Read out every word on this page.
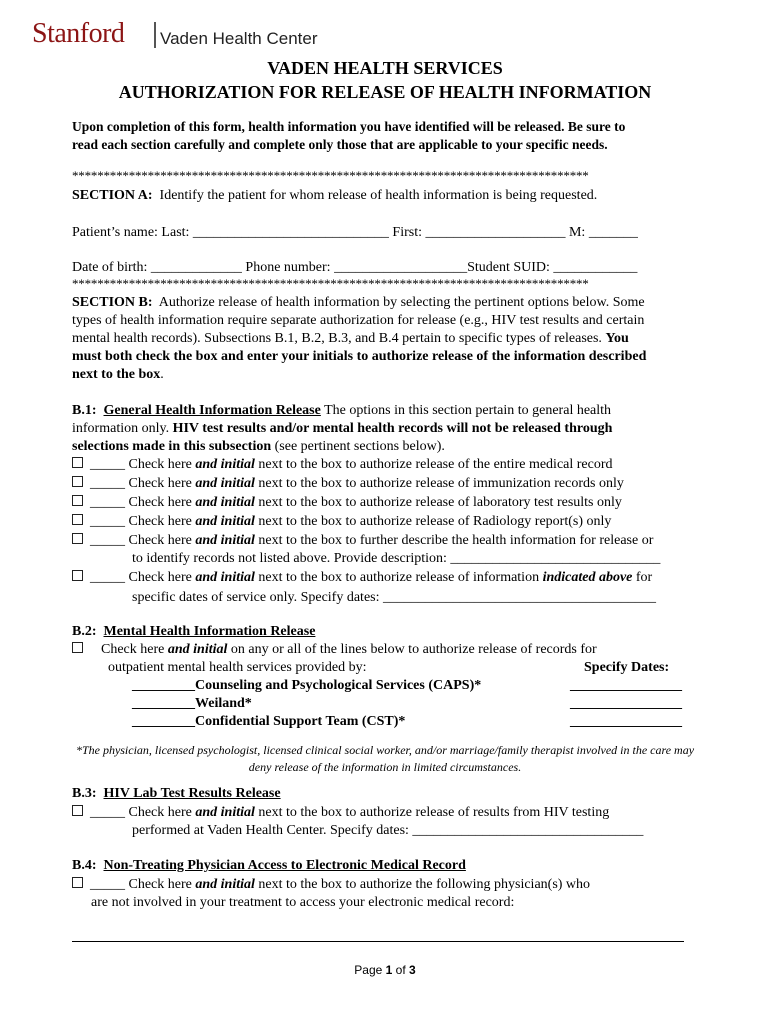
Stanford Vaden Health Center
VADEN HEALTH SERVICES
AUTHORIZATION FOR RELEASE OF HEALTH INFORMATION
Upon completion of this form, health information you have identified will be released. Be sure to
read each section carefully and complete only those that are applicable to your specific needs.
**********************************************************************************
SECTION A: Identify the patient for whom release of health information is being requested.
Patient’s name: Last: ____________________________ First: ____________________ M: _______
Date of birth: _____________ Phone number: ___________________Student SUID: ____________
**********************************************************************************
SECTION B: Authorize release of health information by selecting the pertinent options below. Some
types of health information require separate authorization for release (e.g., HIV test results and certain
mental health records). Subsections B.1, B.2, B.3, and B.4 pertain to specific types of releases. You
must both check the box and enter your initials to authorize release of the information described
next to the box.
B.1: General Health Information Release The options in this section pertain to general health
information only. HIV test results and/or mental health records will not be released through
selections made in this subsection (see pertinent sections below).
_____ Check here and initial next to the box to authorize release of the entire medical record
_____ Check here and initial next to the box to authorize release of immunization records only
_____ Check here and initial next to the box to authorize release of laboratory test results only
_____ Check here and initial next to the box to authorize release of Radiology report(s) only
_____ Check here and initial next to the box to further describe the health information for release or
to identify records not listed above. Provide description: ______________________________
_____ Check here and initial next to the box to authorize release of information indicated above for
specific dates of service only. Specify dates: _______________________________________
B.2: Mental Health Information Release
Check here and initial on any or all of the lines below to authorize release of records for
outpatient mental health services provided by:	Specify Dates:
_________Counseling and Psychological Services (CAPS)*	________________
_________Weiland*	________________
_________Confidential Support Team (CST)*	________________
*The physician, licensed psychologist, licensed clinical social worker, and/or marriage/family therapist involved in the care may deny release of the information in limited circumstances.
B.3: HIV Lab Test Results Release
_____ Check here and initial next to the box to authorize release of results from HIV testing
performed at Vaden Health Center. Specify dates: _________________________________
B.4: Non-Treating Physician Access to Electronic Medical Record
_____ Check here and initial next to the box to authorize the following physician(s) who
are not involved in your treatment to access your electronic medical record:
Page 1 of 3
